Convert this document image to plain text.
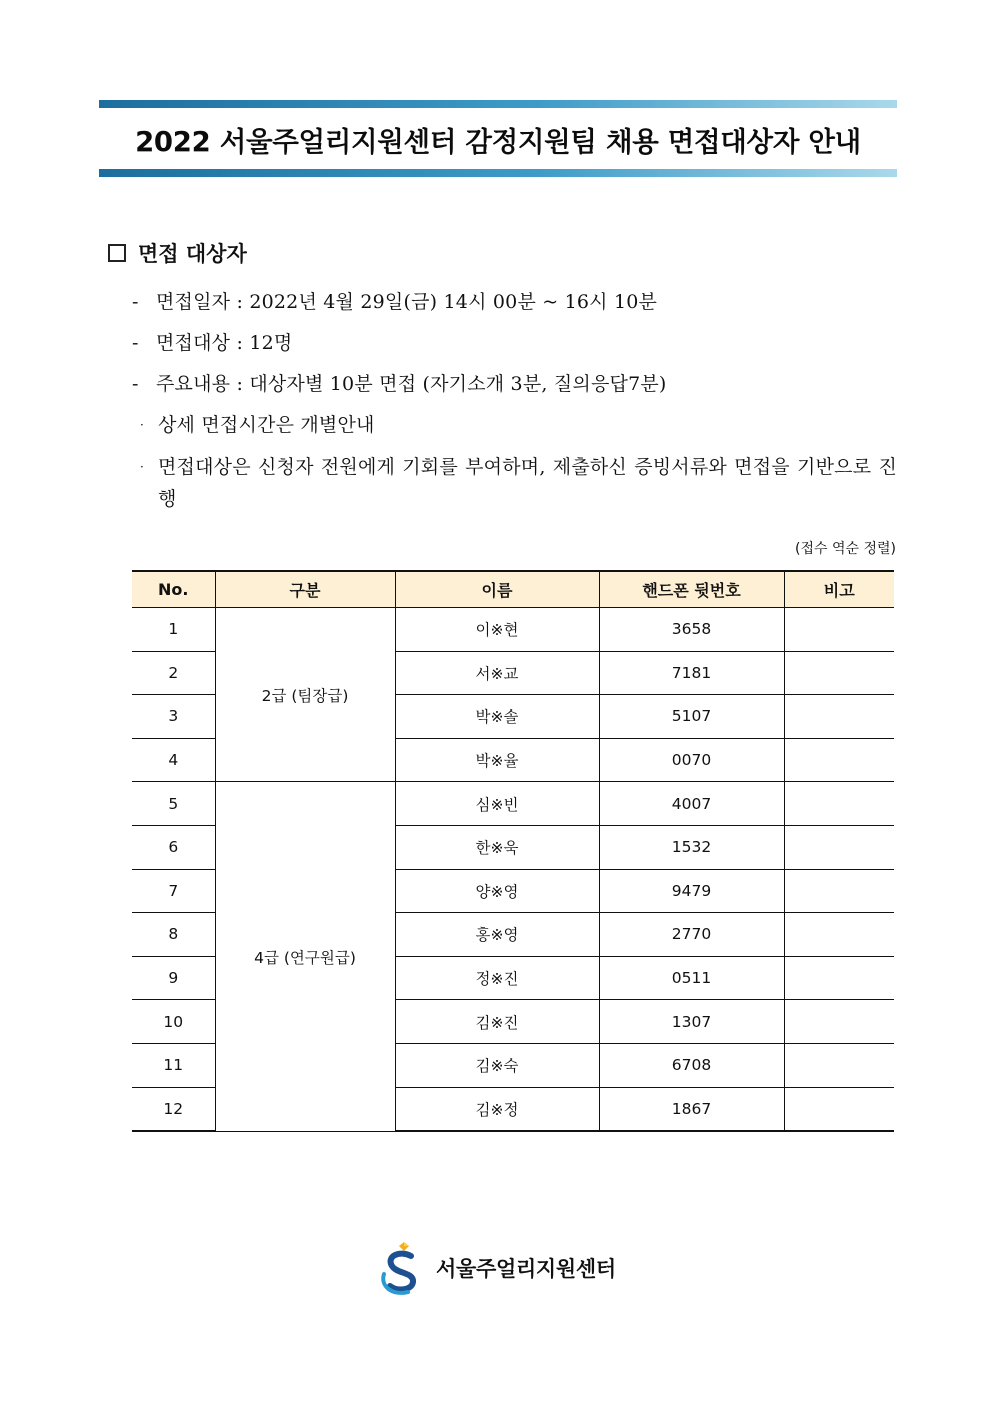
2022 서울주얼리지원센터 감정지원팀 채용 면접대상자 안내
면접 대상자
- 면접일자 : 2022년 4월 29일(금) 14시 00분 ~ 16시 10분
- 면접대상 : 12명
- 주요내용 : 대상자별 10분 면접 (자기소개 3분, 질의응답7분)
· 상세 면접시간은 개별안내
· 면접대상은 신청자 전원에게 기회를 부여하며, 제출하신 증빙서류와 면접을 기반으로 진행
(접수 역순 정렬)
No.	구분	이름	핸드폰 뒷번호	비고
1	2급 (팀장급)	이※현	3658	
2		서※교	7181	
3		박※솔	5107	
4		박※율	0070	
5	4급 (연구원급)	심※빈	4007	
6		한※욱	1532	
7		양※영	9479	
8		홍※영	2770	
9		정※진	0511	
10		김※진	1307	
11		김※숙	6708	
12		김※정	1867	
서울주얼리지원센터
